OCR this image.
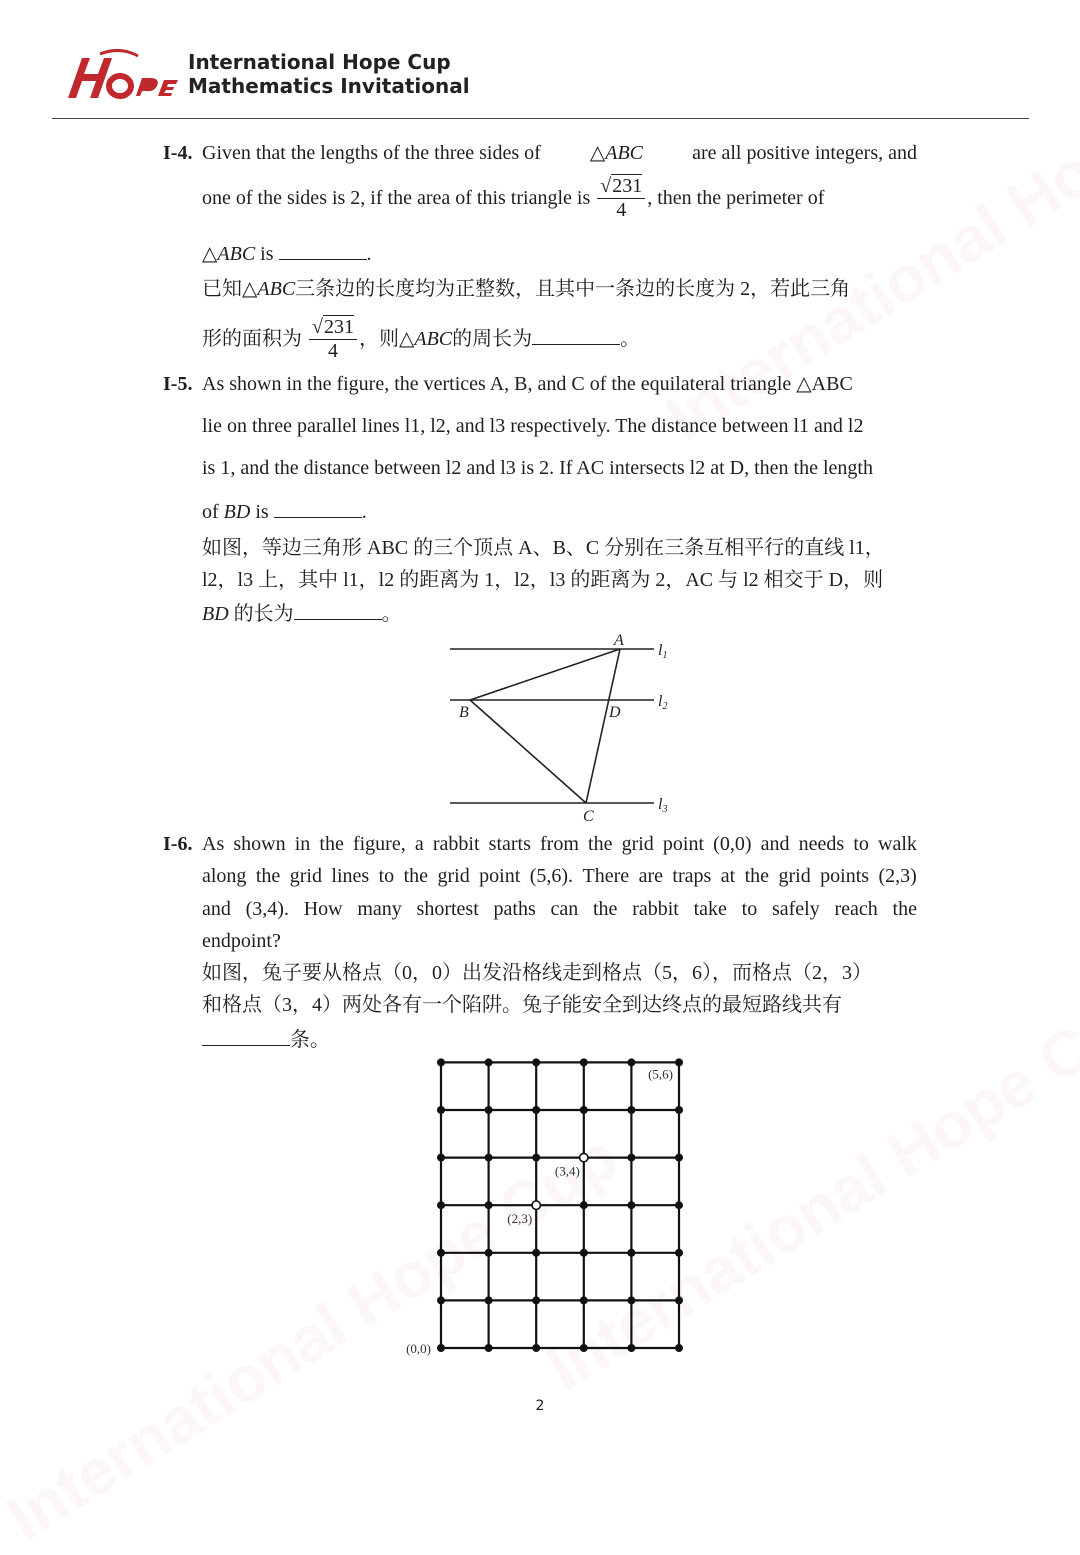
International Hope Cup
Mathematics Invitational
I-4. Given that the lengths of the three sides of △ABC are all positive integers, and
one of the sides is 2, if the area of this triangle is $\frac{√231}{4}$ , then the perimeter of
△ABC is	.
已知△ABC三条边的长度均为正整数，且其中一条边的长度为 2，若此三角
形的面积为 $\frac{√231}{4}$ ，则△ABC的周长为	。
I-5. As shown in the figure, the vertices A, B, and C of the equilateral triangle △ABC
lie on three parallel lines l1, l2, and l3 respectively. The distance between l1 and l2
is 1, and the distance between l2 and l3 is 2. If AC intersects l2 at D, then the length
of BD is	.
如图，等边三角形 ABC 的三个顶点 A、B、C 分别在三条互相平行的直线 l1，
l2，l3 上，其中 l1，l2 的距离为 1，l2，l3 的距离为 2，AC 与 l2 相交于 D，则
BD 的长为	。
A
B	D
C
l1
l2
l3
I-6. As shown in the figure, a rabbit starts from the grid point (0,0) and needs to walk
along the grid lines to the grid point (5,6). There are traps at the grid points (2,3)
and (3,4). How many shortest paths can the rabbit take to safely reach the
endpoint?
如图，兔子要从格点（0，0）出发沿格线走到格点（5，6），而格点（2，3）
和格点（3，4）两处各有一个陷阱。兔子能安全到达终点的最短路线共有
条。
(0,0)
(5,6)
(2,3)
(3,4)
2
